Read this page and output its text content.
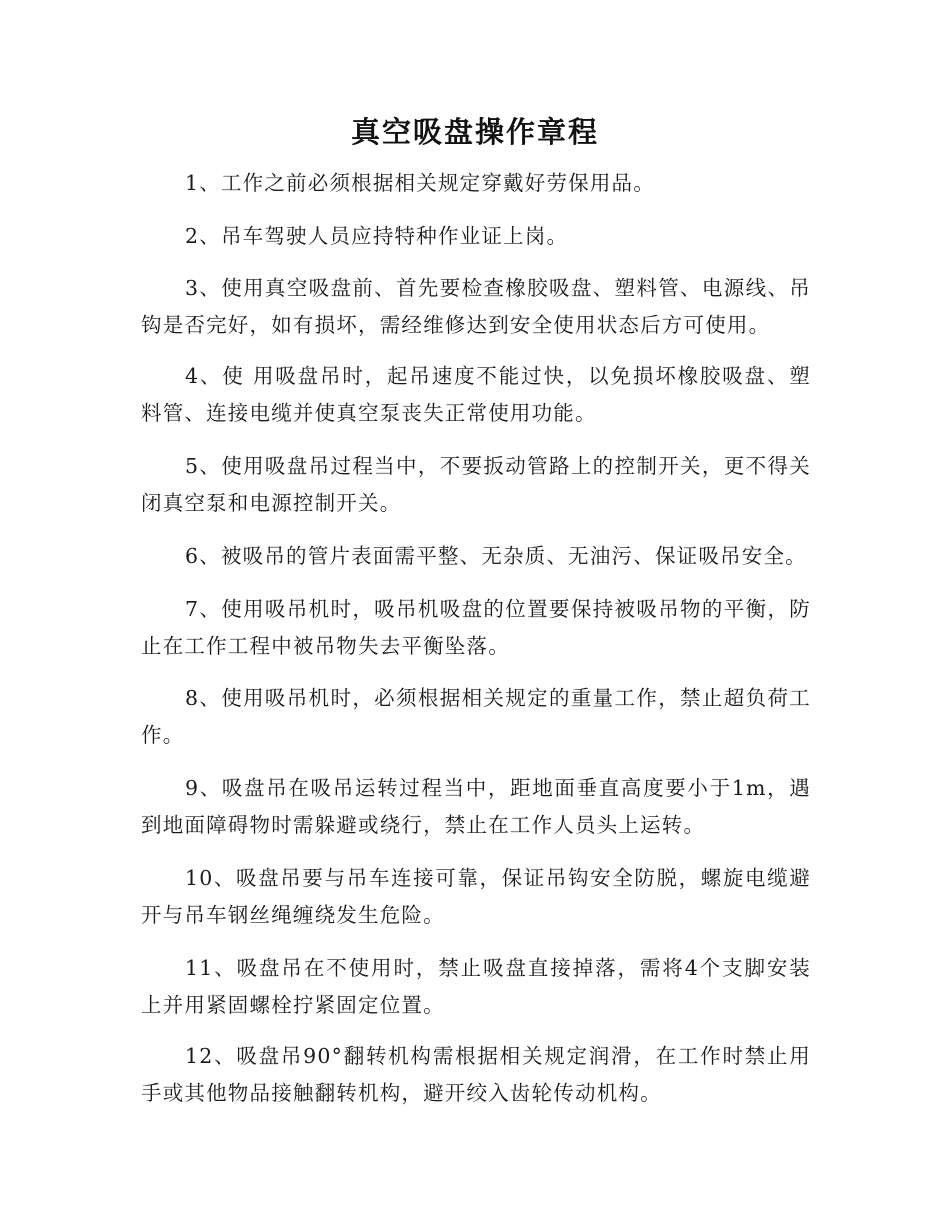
真空吸盘操作章程

1、工作之前必须根据相关规定穿戴好劳保用品。

2、吊车驾驶人员应持特种作业证上岗。

3、使用真空吸盘前、首先要检查橡胶吸盘、塑料管、电源线、吊钩是否完好，如有损坏，需经维修达到安全使用状态后方可使用。

4、使 用吸盘吊时，起吊速度不能过快，以免损坏橡胶吸盘、塑料管、连接电缆并使真空泵丧失正常使用功能。

5、使用吸盘吊过程当中，不要扳动管路上的控制开关，更不得关闭真空泵和电源控制开关。

6、被吸吊的管片表面需平整、无杂质、无油污、保证吸吊安全。

7、使用吸吊机时，吸吊机吸盘的位置要保持被吸吊物的平衡，防止在工作工程中被吊物失去平衡坠落。

8、使用吸吊机时，必须根据相关规定的重量工作，禁止超负荷工作。

9、吸盘吊在吸吊运转过程当中，距地面垂直高度要小于1m，遇到地面障碍物时需躲避或绕行，禁止在工作人员头上运转。

10、吸盘吊要与吊车连接可靠，保证吊钩安全防脱，螺旋电缆避开与吊车钢丝绳缠绕发生危险。

11、吸盘吊在不使用时，禁止吸盘直接掉落，需将4个支脚安装上并用紧固螺栓拧紧固定位置。

12、吸盘吊90°翻转机构需根据相关规定润滑，在工作时禁止用手或其他物品接触翻转机构，避开绞入齿轮传动机构。
